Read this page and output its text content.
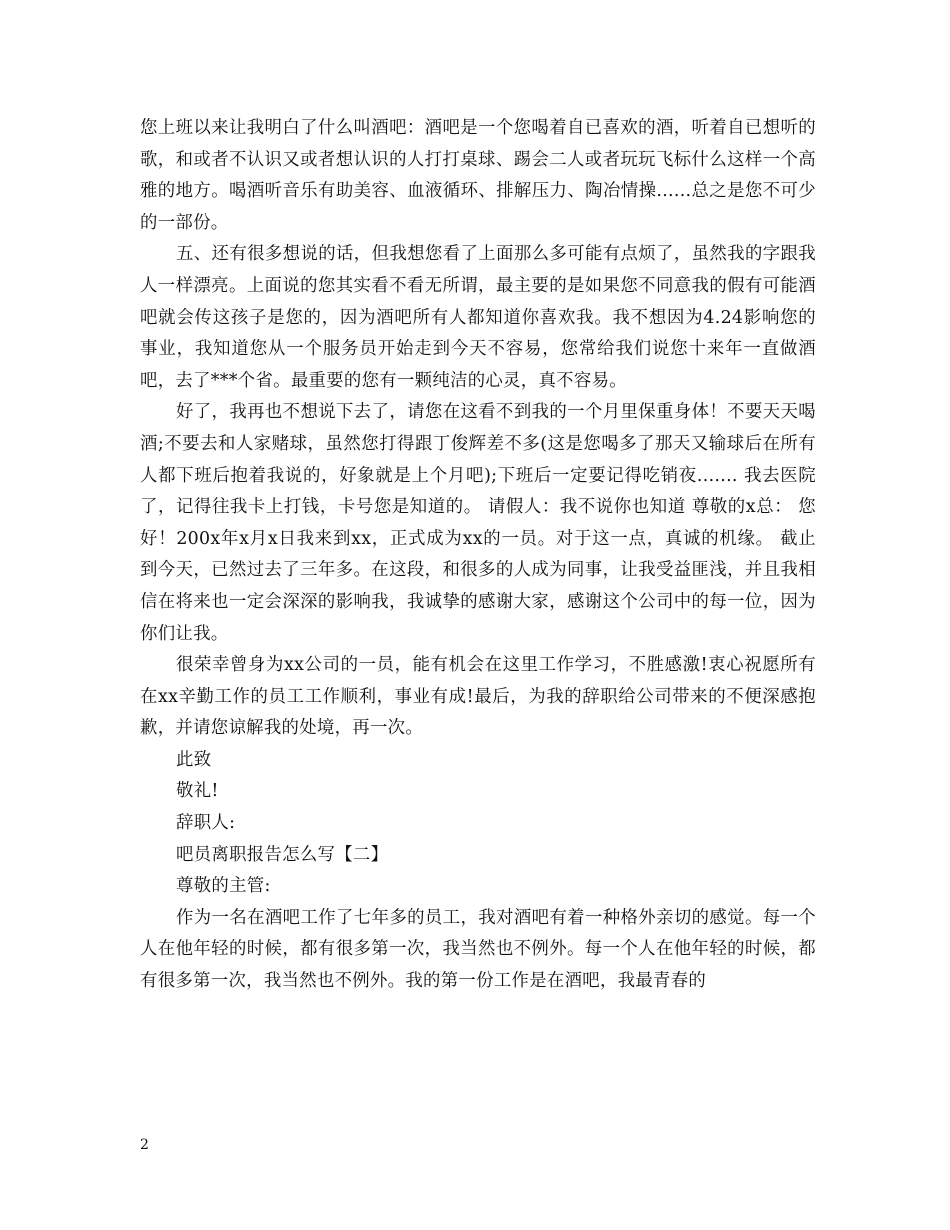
您上班以来让我明白了什么叫酒吧：酒吧是一个您喝着自已喜欢的酒，听着自已想听的歌，和或者不认识又或者想认识的人打打桌球、踢会二人或者玩玩飞标什么这样一个高雅的地方。喝酒听音乐有助美容、血液循环、排解压力、陶冶情操......总之是您不可少的一部份。

五、还有很多想说的话，但我想您看了上面那么多可能有点烦了，虽然我的字跟我人一样漂亮。上面说的您其实看不看无所谓，最主要的是如果您不同意我的假有可能酒吧就会传这孩子是您的，因为酒吧所有人都知道你喜欢我。我不想因为4.24影响您的事业，我知道您从一个服务员开始走到今天不容易，您常给我们说您十来年一直做酒吧，去了***个省。最重要的您有一颗纯洁的心灵，真不容易。

好了，我再也不想说下去了，请您在这看不到我的一个月里保重身体！不要天天喝酒;不要去和人家赌球，虽然您打得跟丁俊辉差不多(这是您喝多了那天又输球后在所有人都下班后抱着我说的，好象就是上个月吧);下班后一定要记得吃销夜....... 我去医院了，记得往我卡上打钱，卡号您是知道的。 请假人：我不说你也知道 尊敬的x总： 您好！200x年x月x日我来到xx，正式成为xx的一员。对于这一点，真诚的机缘。 截止到今天，已然过去了三年多。在这段，和很多的人成为同事，让我受益匪浅，并且我相信在将来也一定会深深的影响我，我诚挚的感谢大家，感谢这个公司中的每一位，因为你们让我。

很荣幸曾身为xx公司的一员，能有机会在这里工作学习，不胜感激!衷心祝愿所有在xx辛勤工作的员工工作顺利，事业有成!最后，为我的辞职给公司带来的不便深感抱歉，并请您谅解我的处境，再一次。

此致

敬礼!

辞职人:

吧员离职报告怎么写【二】

尊敬的主管:

作为一名在酒吧工作了七年多的员工，我对酒吧有着一种格外亲切的感觉。每一个人在他年轻的时候，都有很多第一次，我当然也不例外。每一个人在他年轻的时候，都有很多第一次，我当然也不例外。我的第一份工作是在酒吧，我最青春的

2
